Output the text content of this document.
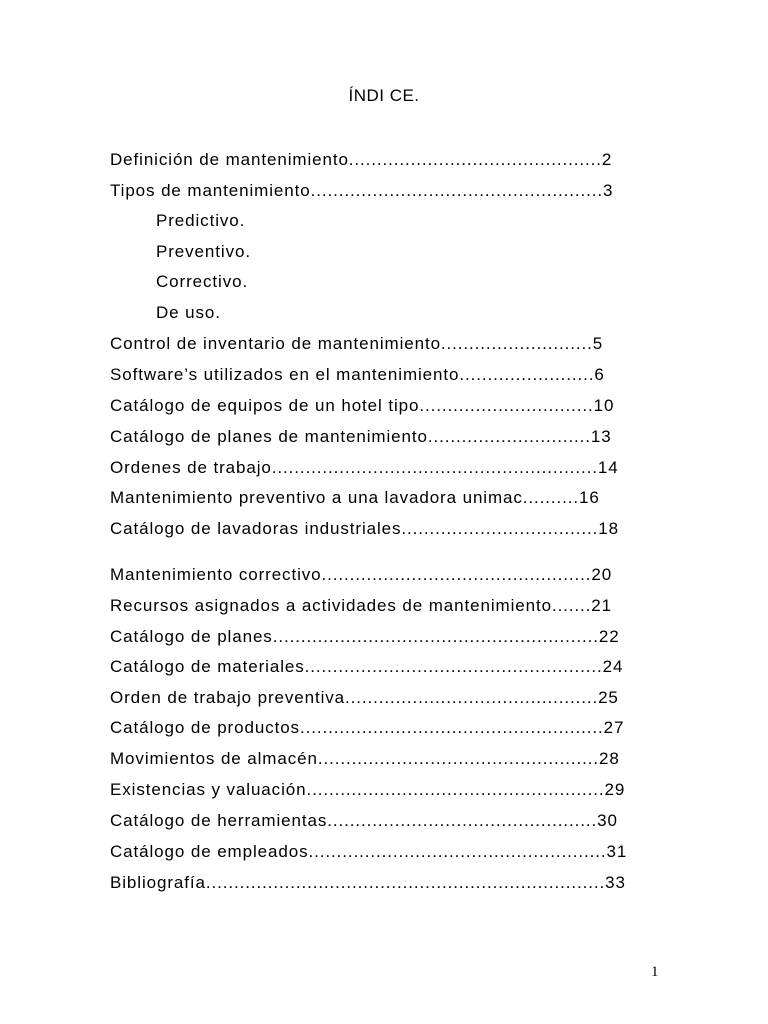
ÍNDI CE.
Definición de mantenimiento.............................................2
Tipos de mantenimiento....................................................3
Predictivo.
Preventivo.
Correctivo.
De uso.
Control de inventario de mantenimiento...........................5
Software’s utilizados en el mantenimiento........................6
Catálogo de equipos de un hotel tipo...............................10
Catálogo de planes de mantenimiento.............................13
Ordenes de trabajo..........................................................14
Mantenimiento preventivo a una lavadora unimac..........16
Catálogo de lavadoras industriales...................................18
Mantenimiento correctivo................................................20
Recursos asignados a actividades de mantenimiento.......21
Catálogo de planes..........................................................22
Catálogo de materiales.....................................................24
Orden de trabajo preventiva.............................................25
Catálogo de productos......................................................27
Movimientos de almacén..................................................28
Existencias y valuación.....................................................29
Catálogo de herramientas................................................30
Catálogo de empleados.....................................................31
Bibliografía.......................................................................33
1
